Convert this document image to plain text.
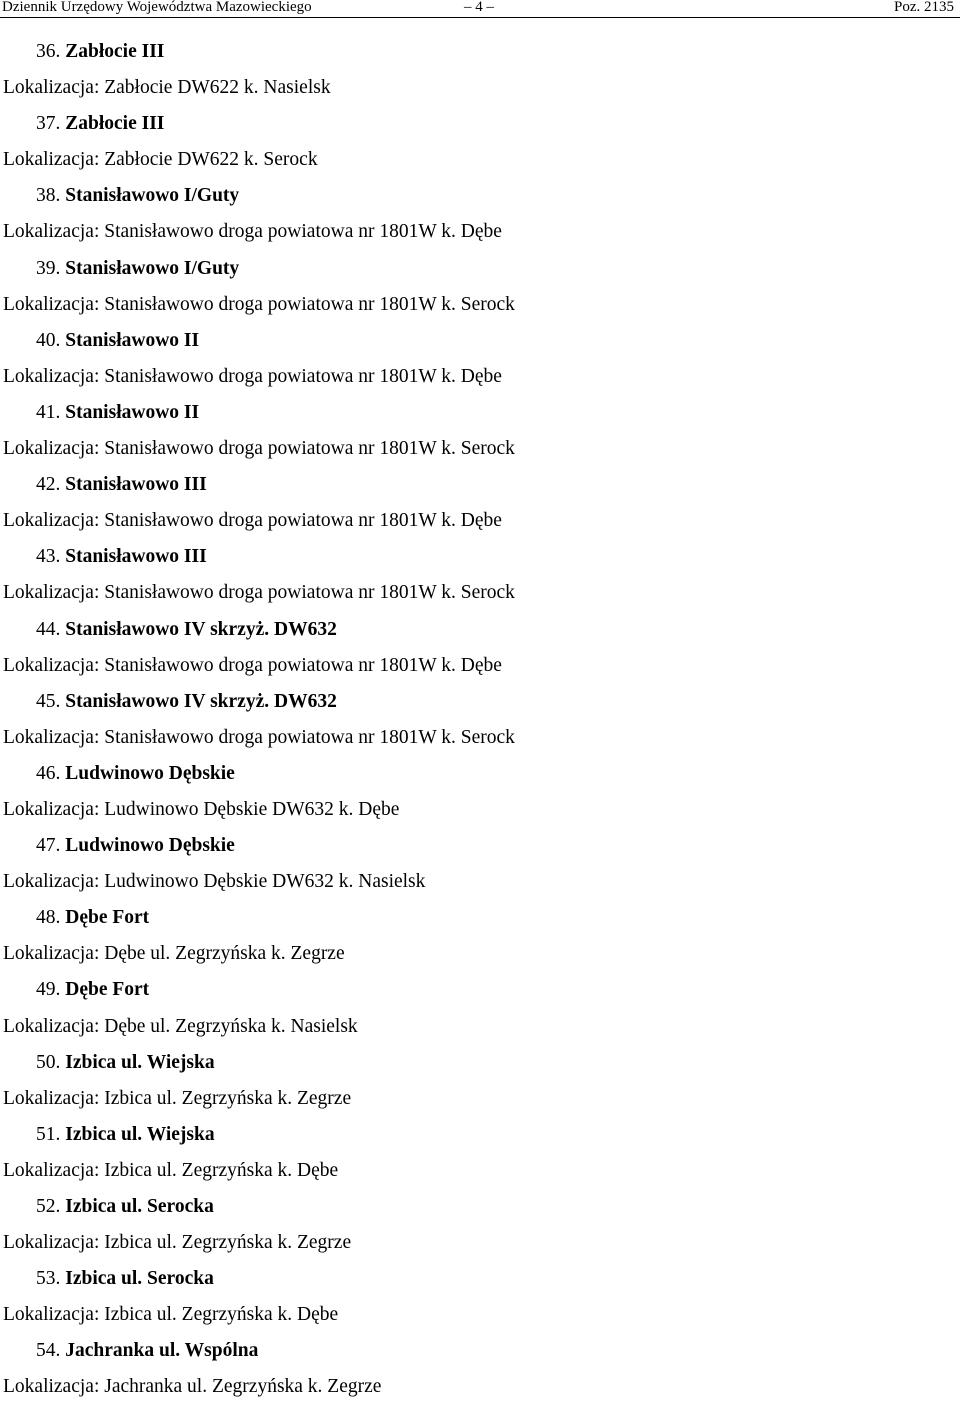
Dziennik Urzędowy Województwa Mazowieckiego	– 4 –	Poz. 2135
36. Zabłocie III
Lokalizacja: Zabłocie DW622 k. Nasielsk
37. Zabłocie III
Lokalizacja: Zabłocie DW622 k. Serock
38. Stanisławowo I/Guty
Lokalizacja: Stanisławowo droga powiatowa nr 1801W k. Dębe
39. Stanisławowo I/Guty
Lokalizacja: Stanisławowo droga powiatowa nr 1801W k. Serock
40. Stanisławowo II
Lokalizacja: Stanisławowo droga powiatowa nr 1801W k. Dębe
41. Stanisławowo II
Lokalizacja: Stanisławowo droga powiatowa nr 1801W k. Serock
42. Stanisławowo III
Lokalizacja: Stanisławowo droga powiatowa nr 1801W k. Dębe
43. Stanisławowo III
Lokalizacja: Stanisławowo droga powiatowa nr 1801W k. Serock
44. Stanisławowo IV skrzyż. DW632
Lokalizacja: Stanisławowo droga powiatowa nr 1801W k. Dębe
45. Stanisławowo IV skrzyż. DW632
Lokalizacja: Stanisławowo droga powiatowa nr 1801W k. Serock
46. Ludwinowo Dębskie
Lokalizacja: Ludwinowo Dębskie DW632 k. Dębe
47. Ludwinowo Dębskie
Lokalizacja: Ludwinowo Dębskie DW632 k. Nasielsk
48. Dębe Fort
Lokalizacja: Dębe ul. Zegrzyńska k. Zegrze
49. Dębe Fort
Lokalizacja: Dębe ul. Zegrzyńska k. Nasielsk
50. Izbica ul. Wiejska
Lokalizacja: Izbica ul. Zegrzyńska k. Zegrze
51. Izbica ul. Wiejska
Lokalizacja: Izbica ul. Zegrzyńska k. Dębe
52. Izbica ul. Serocka
Lokalizacja: Izbica ul. Zegrzyńska k. Zegrze
53. Izbica ul. Serocka
Lokalizacja: Izbica ul. Zegrzyńska k. Dębe
54. Jachranka ul. Wspólna
Lokalizacja: Jachranka ul. Zegrzyńska k. Zegrze
